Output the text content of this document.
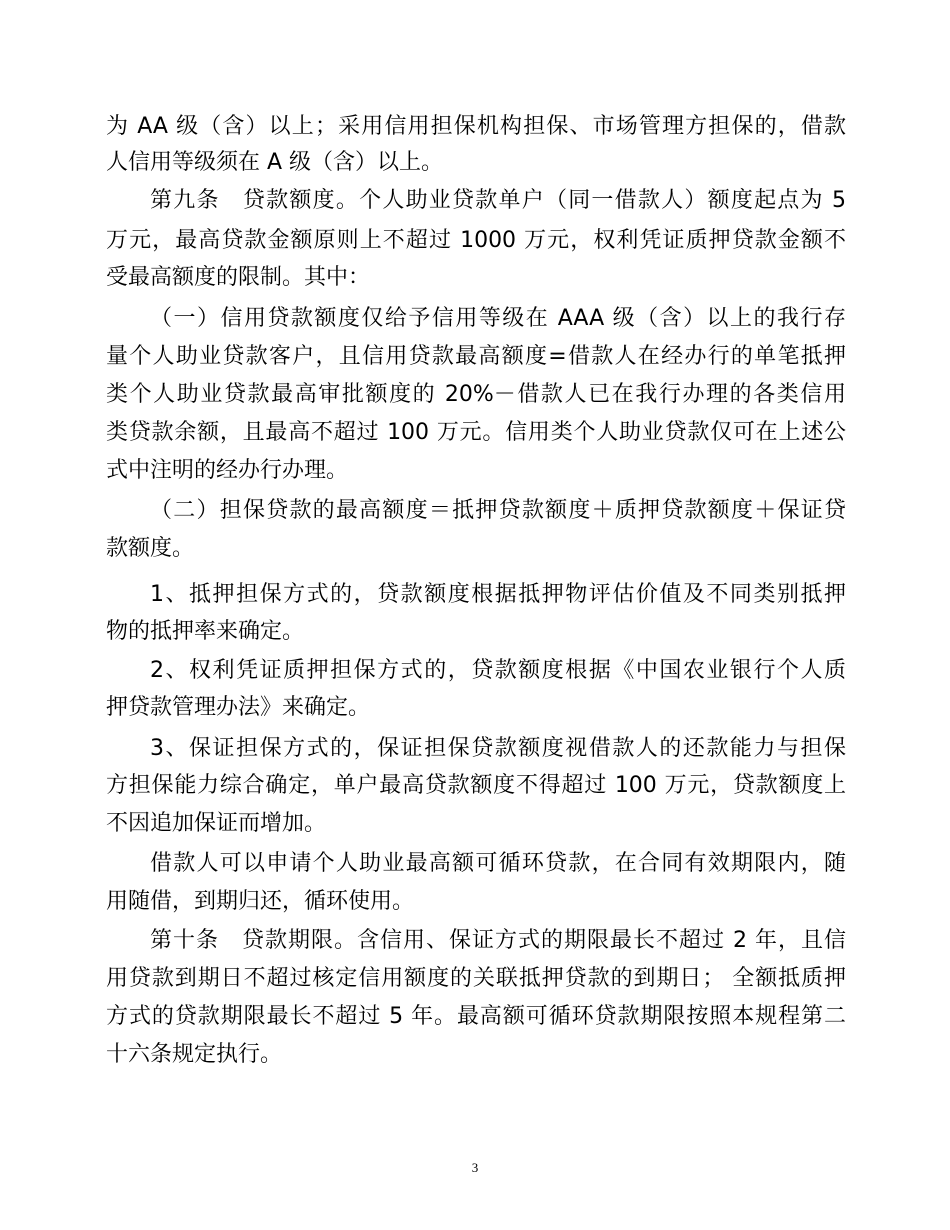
为 AA 级（含）以上；采用信用担保机构担保、市场管理方担保的，借款
人信用等级须在 A 级（含）以上。
第九条　贷款额度。个人助业贷款单户（同一借款人）额度起点为 5
万元，最高贷款金额原则上不超过 1000 万元，权利凭证质押贷款金额不
受最高额度的限制。其中：
（一）信用贷款额度仅给予信用等级在 AAA 级（含）以上的我行存
量个人助业贷款客户，且信用贷款最高额度=借款人在经办行的单笔抵押
类个人助业贷款最高审批额度的 20%－借款人已在我行办理的各类信用
类贷款余额，且最高不超过 100 万元。信用类个人助业贷款仅可在上述公
式中注明的经办行办理。
（二）担保贷款的最高额度＝抵押贷款额度＋质押贷款额度＋保证贷
款额度。
1、抵押担保方式的，贷款额度根据抵押物评估价值及不同类别抵押
物的抵押率来确定。
2、权利凭证质押担保方式的，贷款额度根据《中国农业银行个人质
押贷款管理办法》来确定。
3、保证担保方式的，保证担保贷款额度视借款人的还款能力与担保
方担保能力综合确定，单户最高贷款额度不得超过 100 万元，贷款额度上
不因追加保证而增加。
借款人可以申请个人助业最高额可循环贷款，在合同有效期限内，随
用随借，到期归还，循环使用。
第十条　贷款期限。含信用、保证方式的期限最长不超过 2 年，且信
用贷款到期日不超过核定信用额度的关联抵押贷款的到期日； 全额抵质押
方式的贷款期限最长不超过 5 年。最高额可循环贷款期限按照本规程第二
十六条规定执行。
3
